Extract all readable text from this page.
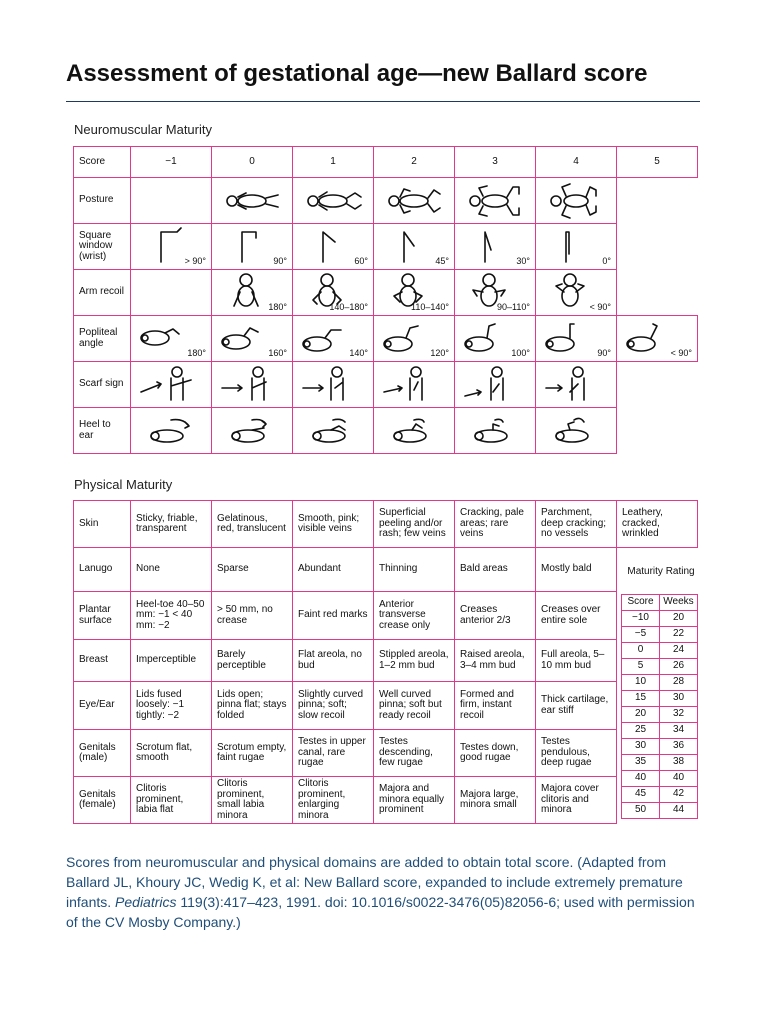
Assessment of gestational age—new Ballard score
Neuromuscular Maturity
Score	−1	0	1	2	3	4	5
Posture		

Square window (wrist)	> 90°	90°	60°	45°	30°	0°	

Arm recoil		180°	140–180°	110–140°	90–110°	< 90°	

Popliteal angle	180°	160°	140°	120°	100°	90°	< 90°

Scarf sign	

Heel to ear	

Physical Maturity
Skin	Sticky, friable, transparent	Gelatinous, red, translucent	Smooth, pink; visible veins	Superficial peeling and/or rash; few veins	Cracking, pale areas; rare veins	Parchment, deep cracking; no vessels	Leathery, cracked, wrinkled
Lanugo	None	Sparse	Abundant	Thinning	Bald areas	Mostly bald	
Plantar surface	Heel-toe 40–50 mm: −1 < 40 mm: −2	> 50 mm, no crease	Faint red marks	Anterior transverse crease only	Creases anterior 2/3	Creases over entire sole	
Breast	Imperceptible	Barely perceptible	Flat areola, no bud	Stippled areola, 1–2 mm bud	Raised areola, 3–4 mm bud	Full areola, 5–10 mm bud	
Eye/Ear	Lids fused loosely: −1 tightly: −2	Lids open; pinna flat; stays folded	Slightly curved pinna; soft; slow recoil	Well curved pinna; soft but ready recoil	Formed and firm, instant recoil	Thick cartilage, ear stiff	
Genitals (male)	Scrotum flat, smooth	Scrotum empty, faint rugae	Testes in upper canal, rare rugae	Testes descending, few rugae	Testes down, good rugae	Testes pendulous, deep rugae	
Genitals (female)	Clitoris prominent, labia flat	Clitoris prominent, small labia minora	Clitoris prominent, enlarging minora	Majora and minora equally prominent	Majora large, minora small	Majora cover clitoris and minora	
Maturity Rating
Score	Weeks
−10	20
−5	22
0	24
5	26
10	28
15	30
20	32
25	34
30	36
35	38
40	40
45	42
50	44

Scores from neuromuscular and physical domains are added to obtain total score. (Adapted from Ballard JL, Khoury JC, Wedig K, et al: New Ballard score, expanded to include extremely premature infants. Pediatrics 119(3):417–423, 1991. doi: 10.1016/s0022-3476(05)82056-6; used with permission of the CV Mosby Company.)
